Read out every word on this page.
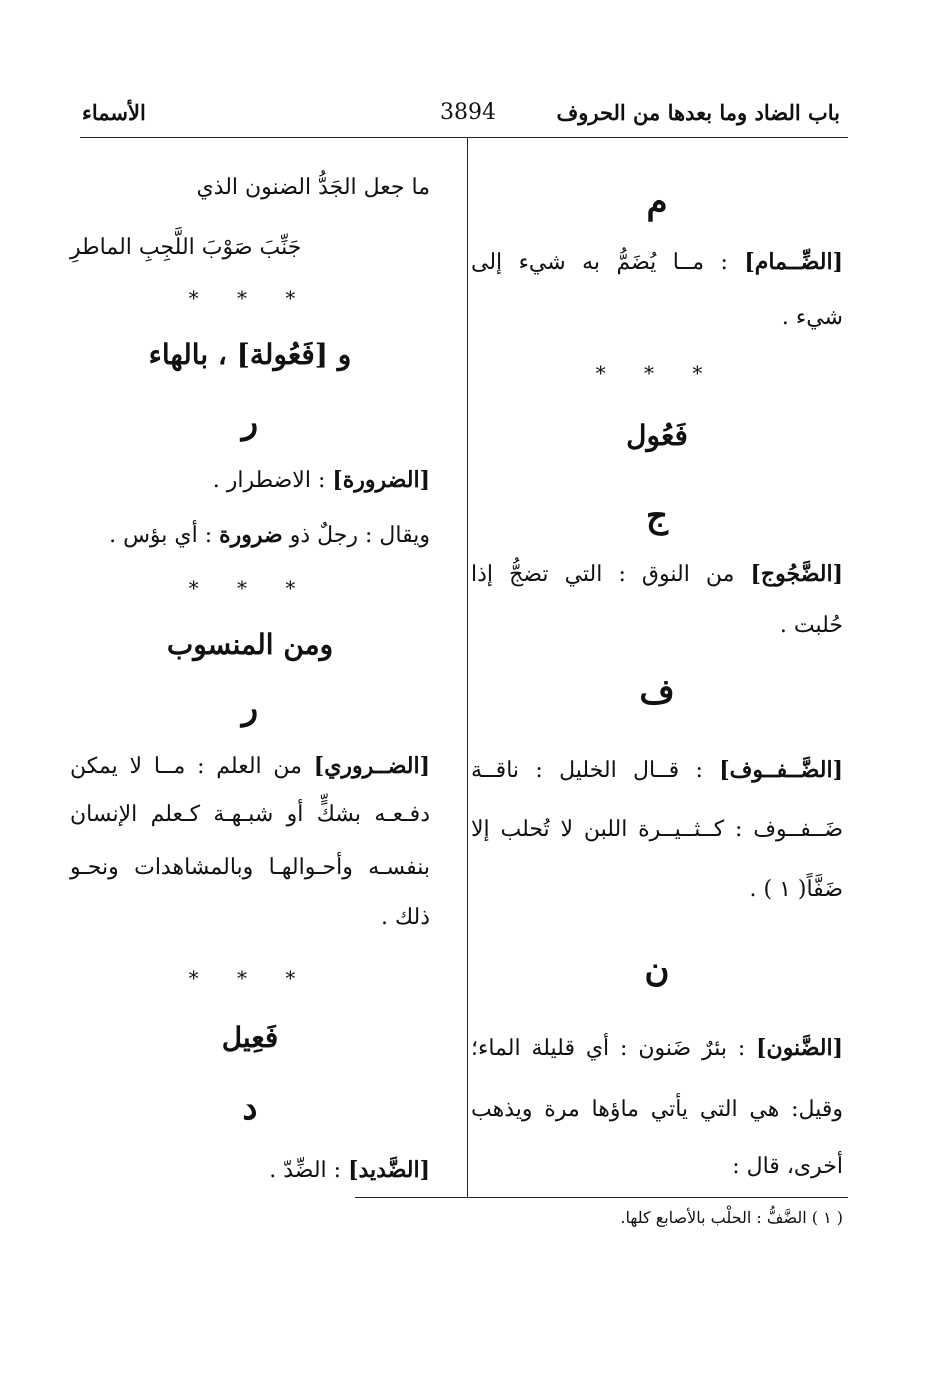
باب الضاد وما بعدها من الحروف
3894
الأسماء
م
[الضِّــمام] : مــا يُضَمُّ به شيء إلى
شيء .
* * *
فَعُول
ج
[الضَّجُوج] من النوق : التي تضجُّ إذا
حُلبت .
ف
[الضَّــفــوف] : قــال الخليل : ناقــة
ضَــفــوف : كــثــيــرة اللبن لا تُحلب إلا
ضَفَّاً( ١ ) .
ن
[الضَّنون] : بئرٌ ضَنون : أي قليلة الماء؛
وقيل: هي التي يأتي ماؤها مرة ويذهب
أخرى، قال :
ما جعل الجَدُّ الضنون الذي
جَنِّبَ صَوْبَ اللَّجِبِ الماطرِ
* * *
و [فَعُولة] ، بالهاء
ر
[الضرورة] : الاضطرار .
ويقال : رجلٌ ذو ضرورة : أي بؤس .
* * *
ومن المنسوب
ر
[الضــروري] من العلم : مــا لا يمكن
دفـعـه بشكٍّ أو شبـهـة كـعلم الإنسان
بنفسـه وأحـوالهـا وبالمشاهدات ونحـو
ذلك .
* * *
فَعِيل
د
[الضَّديد] : الضِّدّ .
( ١ ) الضَّفُّ : الحلْب بالأصابع كلها.
